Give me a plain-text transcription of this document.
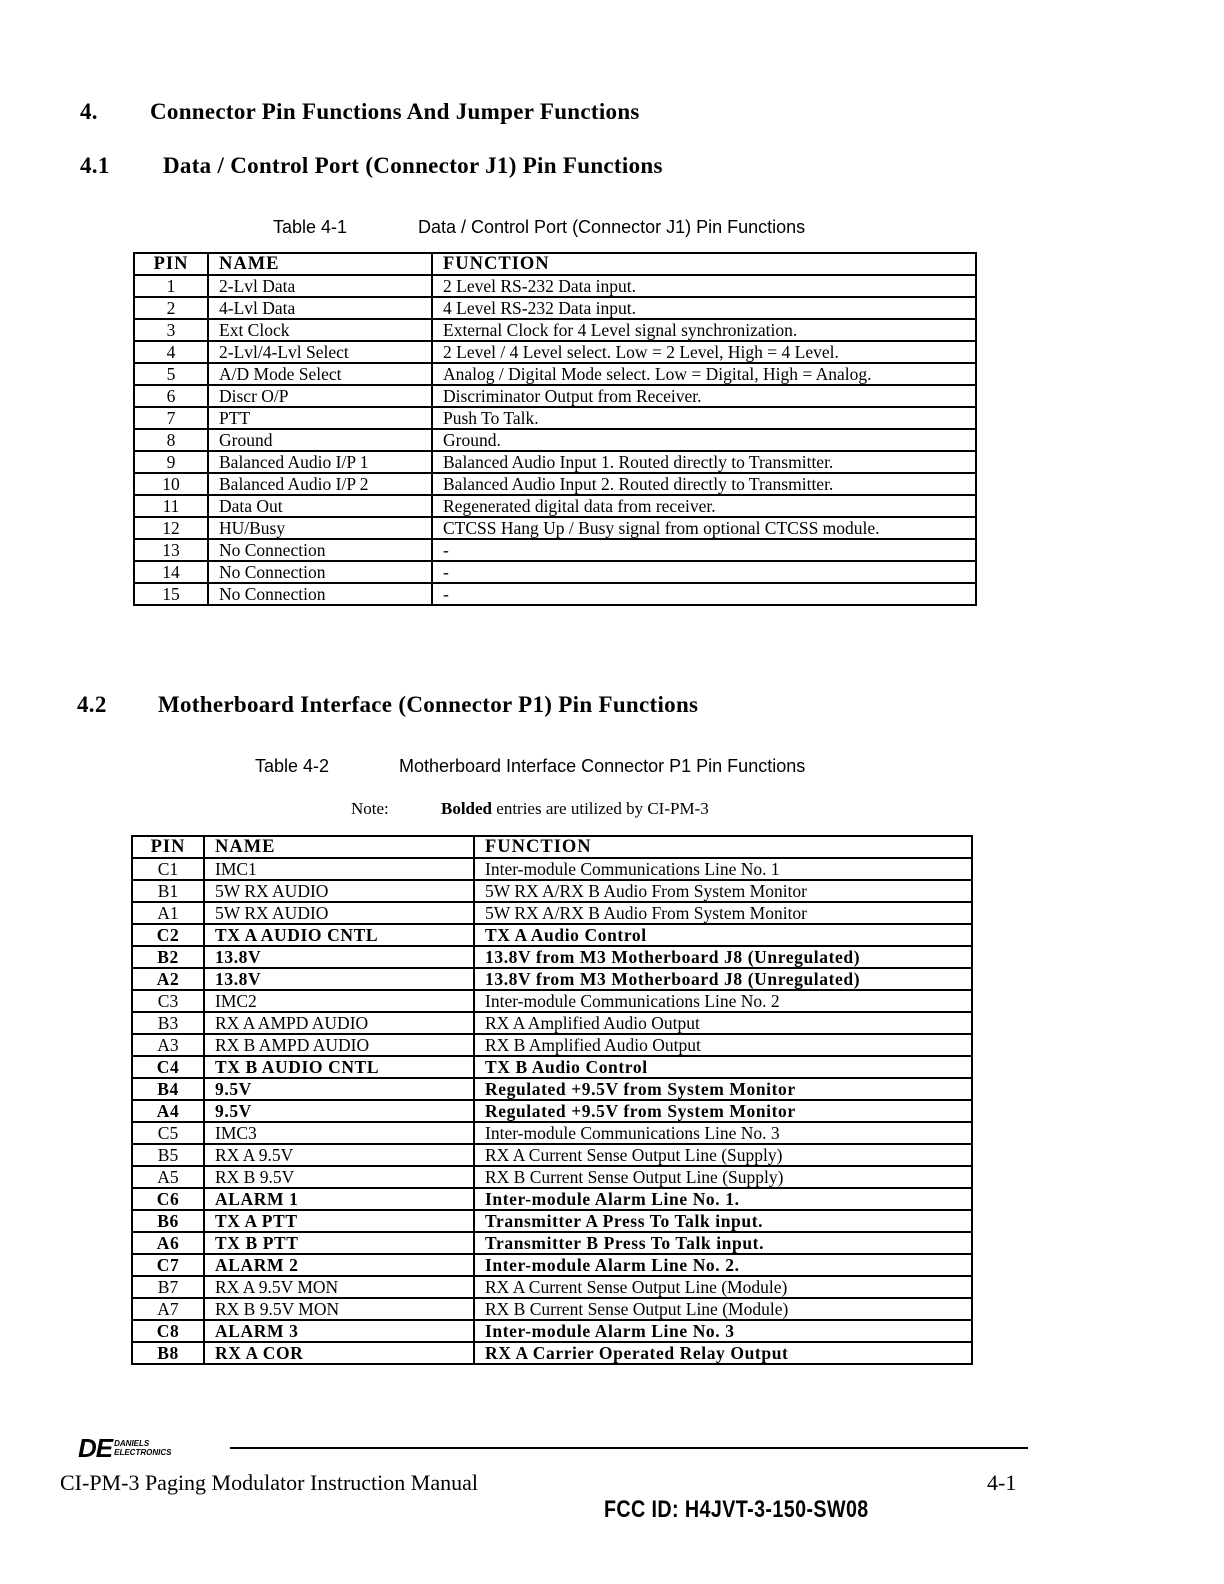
4. Connector Pin Functions And Jumper Functions
4.1 Data / Control Port (Connector J1) Pin Functions
Table 4-1	Data / Control Port (Connector J1) Pin Functions
PIN	NAME	FUNCTION
1	2-Lvl Data	2 Level RS-232 Data input.
2	4-Lvl Data	4 Level RS-232 Data input.
3	Ext Clock	External Clock for 4 Level signal synchronization.
4	2-Lvl/4-Lvl Select	2 Level / 4 Level select. Low = 2 Level, High = 4 Level.
5	A/D Mode Select	Analog / Digital Mode select. Low = Digital, High = Analog.
6	Discr O/P	Discriminator Output from Receiver.
7	PTT	Push To Talk.
8	Ground	Ground.
9	Balanced Audio I/P 1	Balanced Audio Input 1. Routed directly to Transmitter.
10	Balanced Audio I/P 2	Balanced Audio Input 2. Routed directly to Transmitter.
11	Data Out	Regenerated digital data from receiver.
12	HU/Busy	CTCSS Hang Up / Busy signal from optional CTCSS module.
13	No Connection	-
14	No Connection	-
15	No Connection	-
4.2 Motherboard Interface (Connector P1) Pin Functions
Table 4-2	Motherboard Interface Connector P1 Pin Functions
Note:	Bolded entries are utilized by CI-PM-3
PIN	NAME	FUNCTION
C1	IMC1	Inter-module Communications Line No. 1
B1	5W RX AUDIO	5W RX A/RX B Audio From System Monitor
A1	5W RX AUDIO	5W RX A/RX B Audio From System Monitor
C2	TX A AUDIO CNTL	TX A Audio Control
B2	13.8V	13.8V from M3 Motherboard J8 (Unregulated)
A2	13.8V	13.8V from M3 Motherboard J8 (Unregulated)
C3	IMC2	Inter-module Communications Line No. 2
B3	RX A AMPD AUDIO	RX A Amplified Audio Output
A3	RX B AMPD AUDIO	RX B Amplified Audio Output
C4	TX B AUDIO CNTL	TX B Audio Control
B4	9.5V	Regulated +9.5V from System Monitor
A4	9.5V	Regulated +9.5V from System Monitor
C5	IMC3	Inter-module Communications Line No. 3
B5	RX A 9.5V	RX A Current Sense Output Line (Supply)
A5	RX B 9.5V	RX B Current Sense Output Line (Supply)
C6	ALARM 1	Inter-module Alarm Line No. 1.
B6	TX A PTT	Transmitter A Press To Talk input.
A6	TX B PTT	Transmitter B Press To Talk input.
C7	ALARM 2	Inter-module Alarm Line No. 2.
B7	RX A 9.5V MON	RX A Current Sense Output Line (Module)
A7	RX B 9.5V MON	RX B Current Sense Output Line (Module)
C8	ALARM 3	Inter-module Alarm Line No. 3
B8	RX A COR	RX A Carrier Operated Relay Output
DE DANIELS
ELECTRONICS
CI-PM-3 Paging Modulator Instruction Manual	4-1
FCC ID: H4JVT-3-150-SW08
